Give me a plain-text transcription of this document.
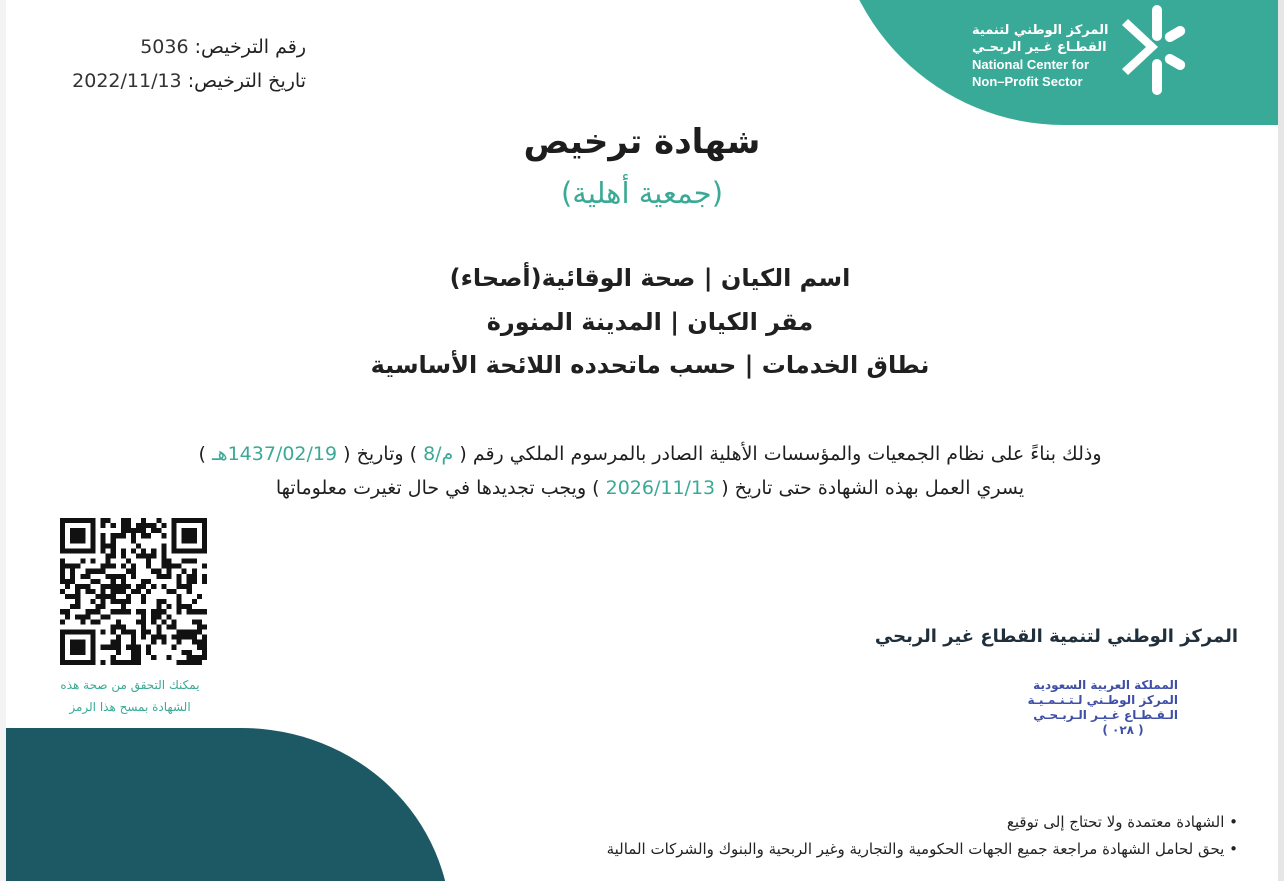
المركز الوطني لتنمية
القطـاع غـير الربحـي
National Center for
Non–Profit Sector
رقم الترخيص: 5036
تاريخ الترخيص: 2022/11/13
شهادة ترخيص
(جمعية أهلية)
اسم الكيان | صحة الوقائية(أصحاء)
مقر الكيان | المدينة المنورة
نطاق الخدمات | حسب ماتحدده اللائحة الأساسية
وذلك بناءً على نظام الجمعيات والمؤسسات الأهلية الصادر بالمرسوم الملكي رقم ( م/8 ) وتاريخ ( 1437/02/19هـ )
يسري العمل بهذه الشهادة حتى تاريخ ( 2026/11/13 ) ويجب تجديدها في حال تغيرت معلوماتها
يمكنك التحقق من صحة هذه
الشهادة بمسح هذا الرمز
المركز الوطني لتنمية القطاع غير الربحي
المملكة العربية السعودية
المركز الوطـني لـتـنـمـيـة
الـقـطـاع غـيـر الـربـحـي
( ٠٢٨ )
• الشهادة معتمدة ولا تحتاج إلى توقيع
• يحق لحامل الشهادة مراجعة جميع الجهات الحكومية والتجارية وغير الربحية والبنوك والشركات المالية
